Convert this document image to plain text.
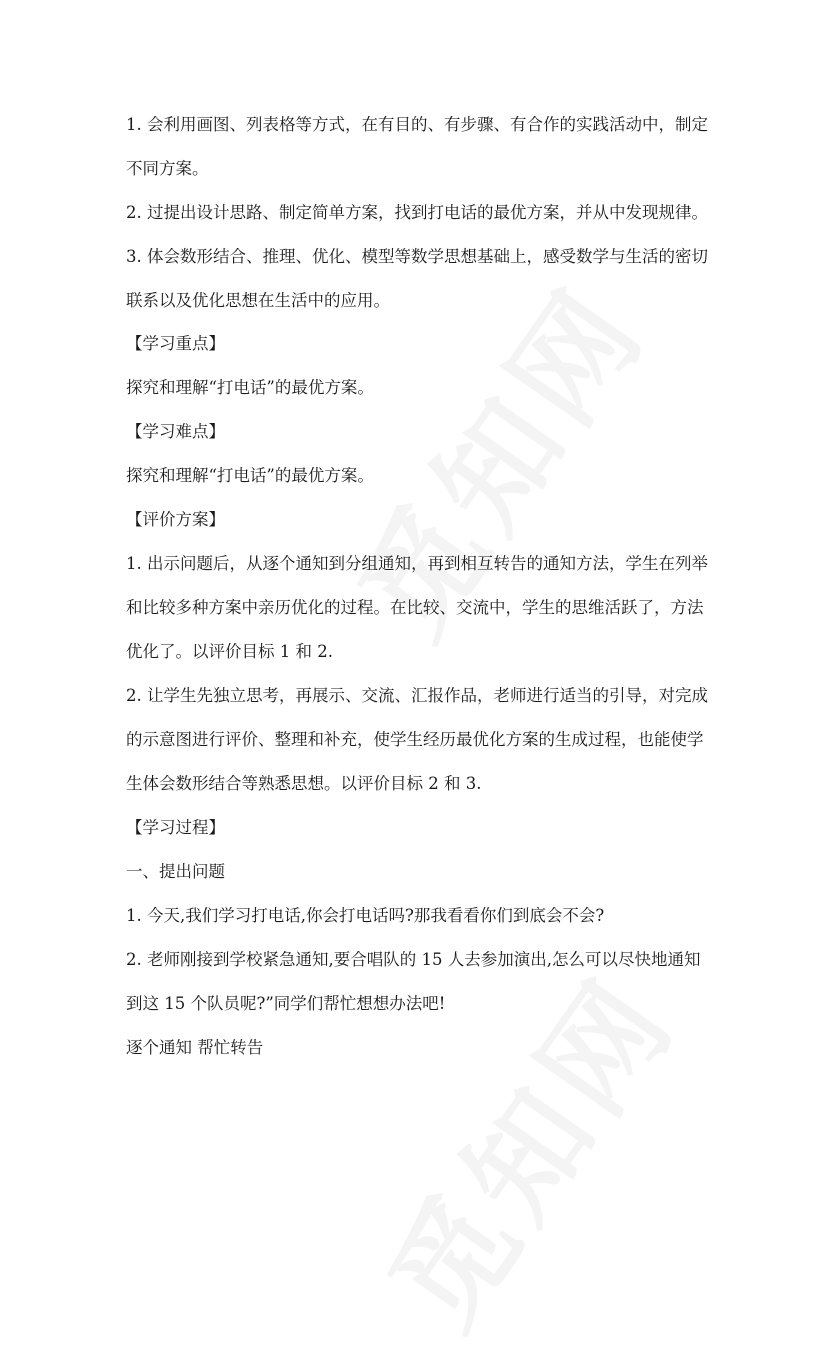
1. 会利用画图、列表格等方式，在有目的、有步骤、有合作的实践活动中，制定
不同方案。
2. 过提出设计思路、制定简单方案，找到打电话的最优方案，并从中发现规律。
3. 体会数形结合、推理、优化、模型等数学思想基础上，感受数学与生活的密切
联系以及优化思想在生活中的应用。
【学习重点】
探究和理解“打电话”的最优方案。
【学习难点】
探究和理解“打电话”的最优方案。
【评价方案】
1. 出示问题后，从逐个通知到分组通知，再到相互转告的通知方法，学生在列举
和比较多种方案中亲历优化的过程。在比较、交流中，学生的思维活跃了，方法
优化了。以评价目标 1 和 2.
2. 让学生先独立思考，再展示、交流、汇报作品，老师进行适当的引导，对完成
的示意图进行评价、整理和补充，使学生经历最优化方案的生成过程，也能使学
生体会数形结合等熟悉思想。以评价目标 2 和 3.
【学习过程】
一、提出问题
1. 今天,我们学习打电话,你会打电话吗?那我看看你们到底会不会?
2. 老师刚接到学校紧急通知,要合唱队的 15 人去参加演出,怎么可以尽快地通知
到这 15 个队员呢?”同学们帮忙想想办法吧!
逐个通知 帮忙转告
